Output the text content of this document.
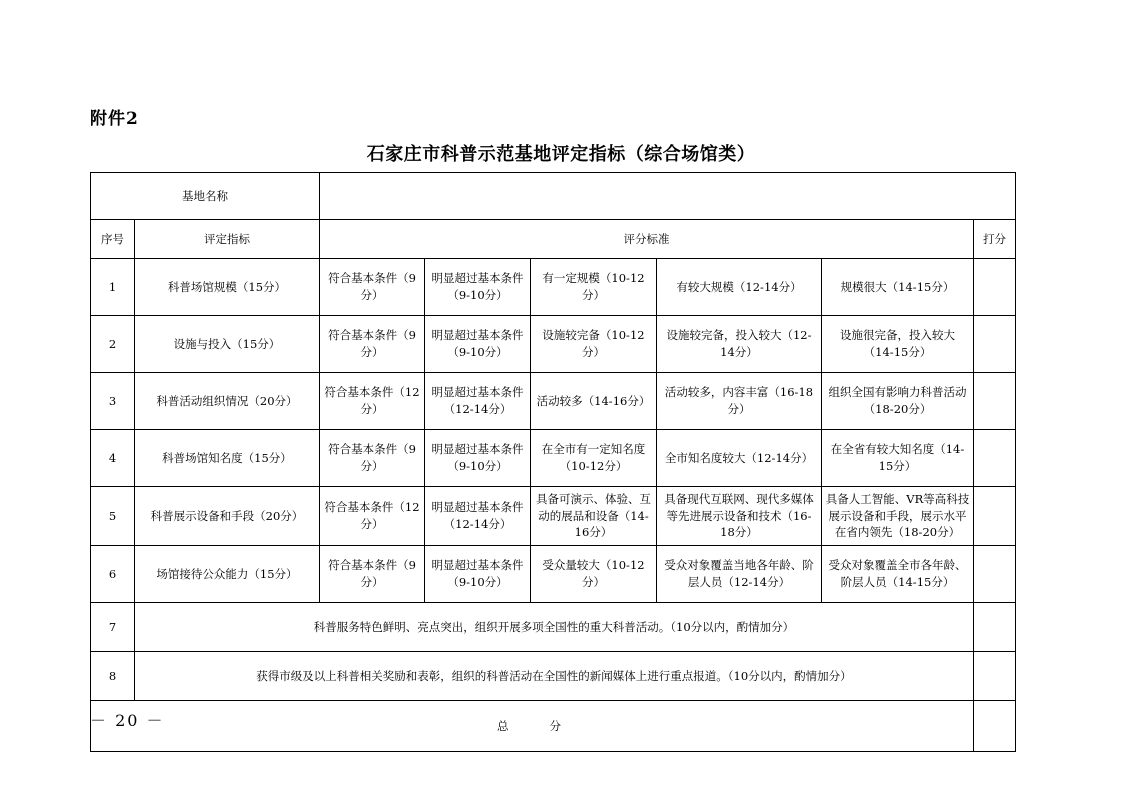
附件2
石家庄市科普示范基地评定指标（综合场馆类）
基地名称							
序号	评定指标	评分标准					打分
1	科普场馆规模（15分）	符合基本条件（9分）	明显超过基本条件（9-10分）	有一定规模（10-12分）	有较大规模（12-14分）	规模很大（14-15分）	
2	设施与投入（15分）	符合基本条件（9分）	明显超过基本条件（9-10分）	设施较完备（10-12分）	设施较完备，投入较大（12-14分）	设施很完备，投入较大（14-15分）	
3	科普活动组织情况（20分）	符合基本条件（12分）	明显超过基本条件（12-14分）	活动较多（14-16分）	活动较多，内容丰富（16-18分）	组织全国有影响力科普活动（18-20分）	
4	科普场馆知名度（15分）	符合基本条件（9分）	明显超过基本条件（9-10分）	在全市有一定知名度（10-12分）	全市知名度较大（12-14分）	在全省有较大知名度（14-15分）	
5	科普展示设备和手段（20分）	符合基本条件（12分）	明显超过基本条件（12-14分）	具备可演示、体验、互动的展品和设备（14-16分）	具备现代互联网、现代多媒体等先进展示设备和技术（16-18分）	具备人工智能、VR等高科技展示设备和手段，展示水平在省内领先（18-20分）	
6	场馆接待公众能力（15分）	符合基本条件（9分）	明显超过基本条件（9-10分）	受众量较大（10-12分）	受众对象覆盖当地各年龄、阶层人员（12-14分）	受众对象覆盖全市各年龄、阶层人员（14-15分）	
7	科普服务特色鲜明、亮点突出，组织开展多项全国性的重大科普活动。（10分以内，酌情加分）						
8	获得市级及以上科普相关奖励和表彰，组织的科普活动在全国性的新闻媒体上进行重点报道。（10分以内，酌情加分）						
总　　分							
－ 20 －
